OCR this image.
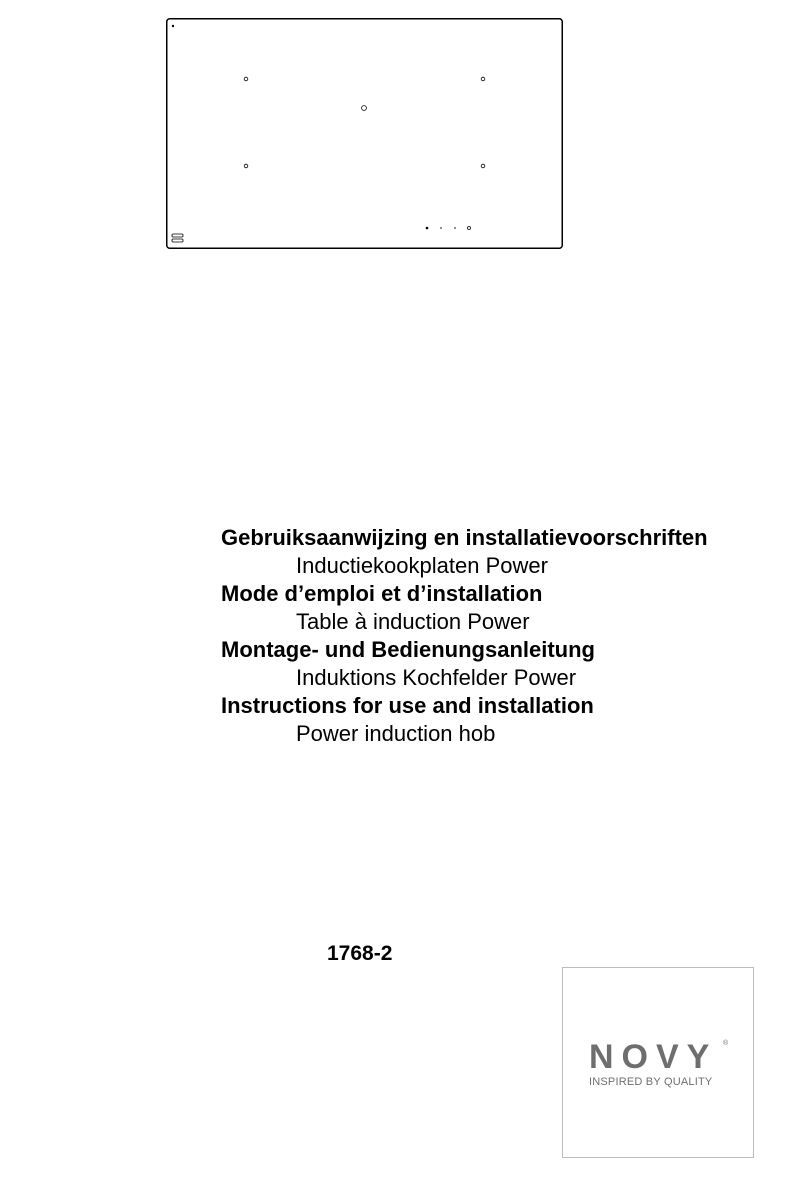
Gebruiksaanwijzing en installatievoorschriften
Inductiekookplaten Power
Mode d’emploi et d’installation
Table à induction Power
Montage- und Bedienungsanleitung
Induktions Kochfelder Power
Instructions for use and installation
Power induction hob
1768-2
NOVY ®
INSPIRED BY QUALITY
